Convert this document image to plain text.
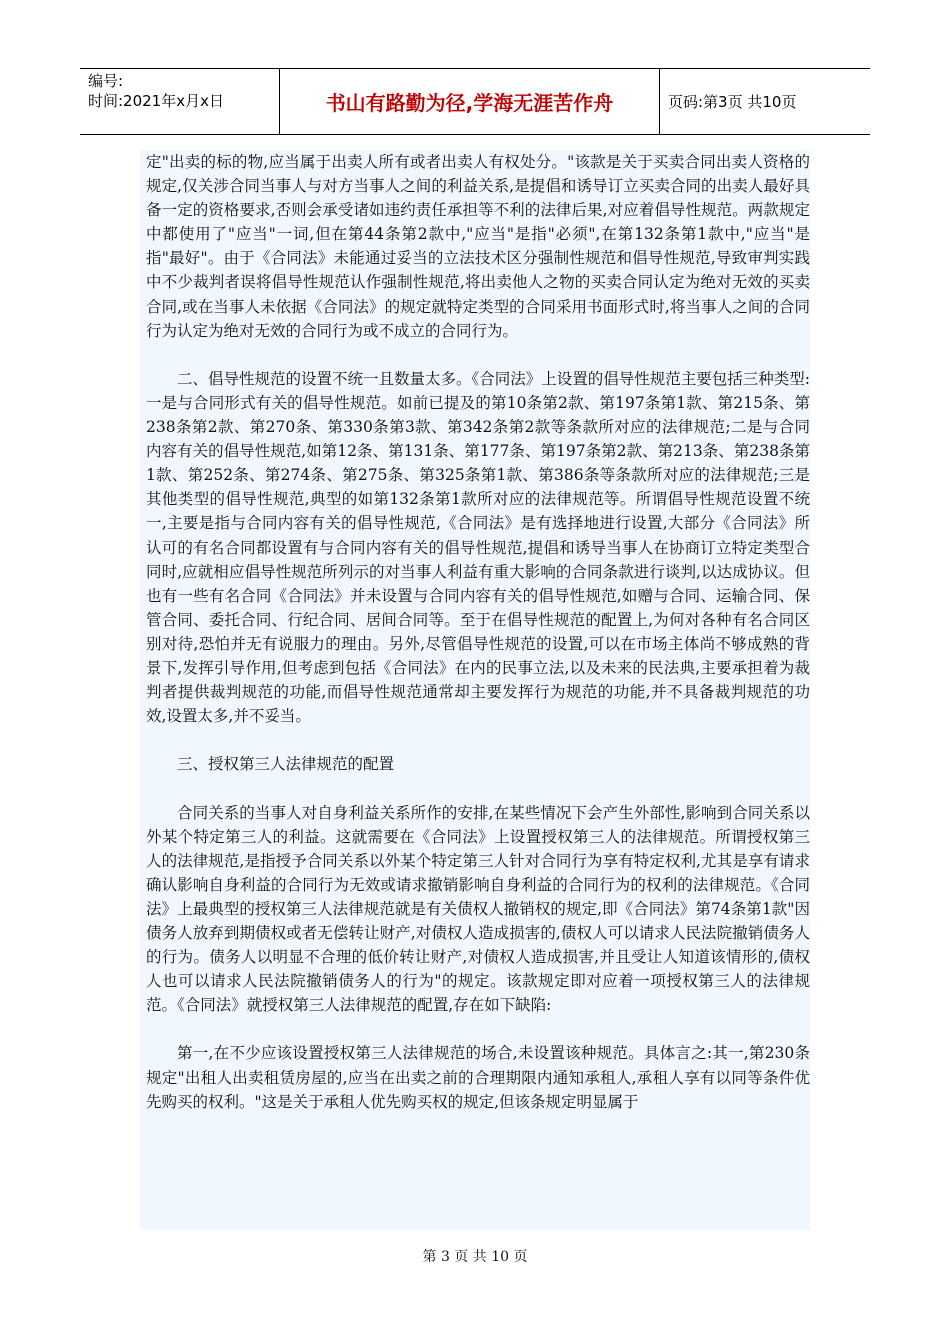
编号:
时间:2021年x月x日	书山有路勤为径,学海无涯苦作舟	页码:第3页 共10页

定"出卖的标的物,应当属于出卖人所有或者出卖人有权处分。"该款是关于买卖合同出卖人资格的规定,仅关涉合同当事人与对方当事人之间的利益关系,是提倡和诱导订立买卖合同的出卖人最好具备一定的资格要求,否则会承受诸如违约责任承担等不利的法律后果,对应着倡导性规范。两款规定中都使用了"应当"一词,但在第44条第2款中,"应当"是指"必须",在第132条第1款中,"应当"是指"最好"。由于《合同法》未能通过妥当的立法技术区分强制性规范和倡导性规范,导致审判实践中不少裁判者误将倡导性规范认作强制性规范,将出卖他人之物的买卖合同认定为绝对无效的买卖合同,或在当事人未依据《合同法》的规定就特定类型的合同采用书面形式时,将当事人之间的合同行为认定为绝对无效的合同行为或不成立的合同行为。

二、倡导性规范的设置不统一且数量太多。《合同法》上设置的倡导性规范主要包括三种类型:一是与合同形式有关的倡导性规范。如前已提及的第10条第2款、第197条第1款、第215条、第238条第2款、第270条、第330条第3款、第342条第2款等条款所对应的法律规范;二是与合同内容有关的倡导性规范,如第12条、第131条、第177条、第197条第2款、第213条、第238条第1款、第252条、第274条、第275条、第325条第1款、第386条等条款所对应的法律规范;三是其他类型的倡导性规范,典型的如第132条第1款所对应的法律规范等。所谓倡导性规范设置不统一,主要是指与合同内容有关的倡导性规范,《合同法》是有选择地进行设置,大部分《合同法》所认可的有名合同都设置有与合同内容有关的倡导性规范,提倡和诱导当事人在协商订立特定类型合同时,应就相应倡导性规范所列示的对当事人利益有重大影响的合同条款进行谈判,以达成协议。但也有一些有名合同《合同法》并未设置与合同内容有关的倡导性规范,如赠与合同、运输合同、保管合同、委托合同、行纪合同、居间合同等。至于在倡导性规范的配置上,为何对各种有名合同区别对待,恐怕并无有说服力的理由。另外,尽管倡导性规范的设置,可以在市场主体尚不够成熟的背景下,发挥引导作用,但考虑到包括《合同法》在内的民事立法,以及未来的民法典,主要承担着为裁判者提供裁判规范的功能,而倡导性规范通常却主要发挥行为规范的功能,并不具备裁判规范的功效,设置太多,并不妥当。

三、授权第三人法律规范的配置

合同关系的当事人对自身利益关系所作的安排,在某些情况下会产生外部性,影响到合同关系以外某个特定第三人的利益。这就需要在《合同法》上设置授权第三人的法律规范。所谓授权第三人的法律规范,是指授予合同关系以外某个特定第三人针对合同行为享有特定权利,尤其是享有请求确认影响自身利益的合同行为无效或请求撤销影响自身利益的合同行为的权利的法律规范。《合同法》上最典型的授权第三人法律规范就是有关债权人撤销权的规定,即《合同法》第74条第1款"因债务人放弃到期债权或者无偿转让财产,对债权人造成损害的,债权人可以请求人民法院撤销债务人的行为。债务人以明显不合理的低价转让财产,对债权人造成损害,并且受让人知道该情形的,债权人也可以请求人民法院撤销债务人的行为"的规定。该款规定即对应着一项授权第三人的法律规范。《合同法》就授权第三人法律规范的配置,存在如下缺陷:

第一,在不少应该设置授权第三人法律规范的场合,未设置该种规范。具体言之:其一,第230条规定"出租人出卖租赁房屋的,应当在出卖之前的合理期限内通知承租人,承租人享有以同等条件优先购买的权利。"这是关于承租人优先购买权的规定,但该条规定明显属于

第 3 页 共 10 页
